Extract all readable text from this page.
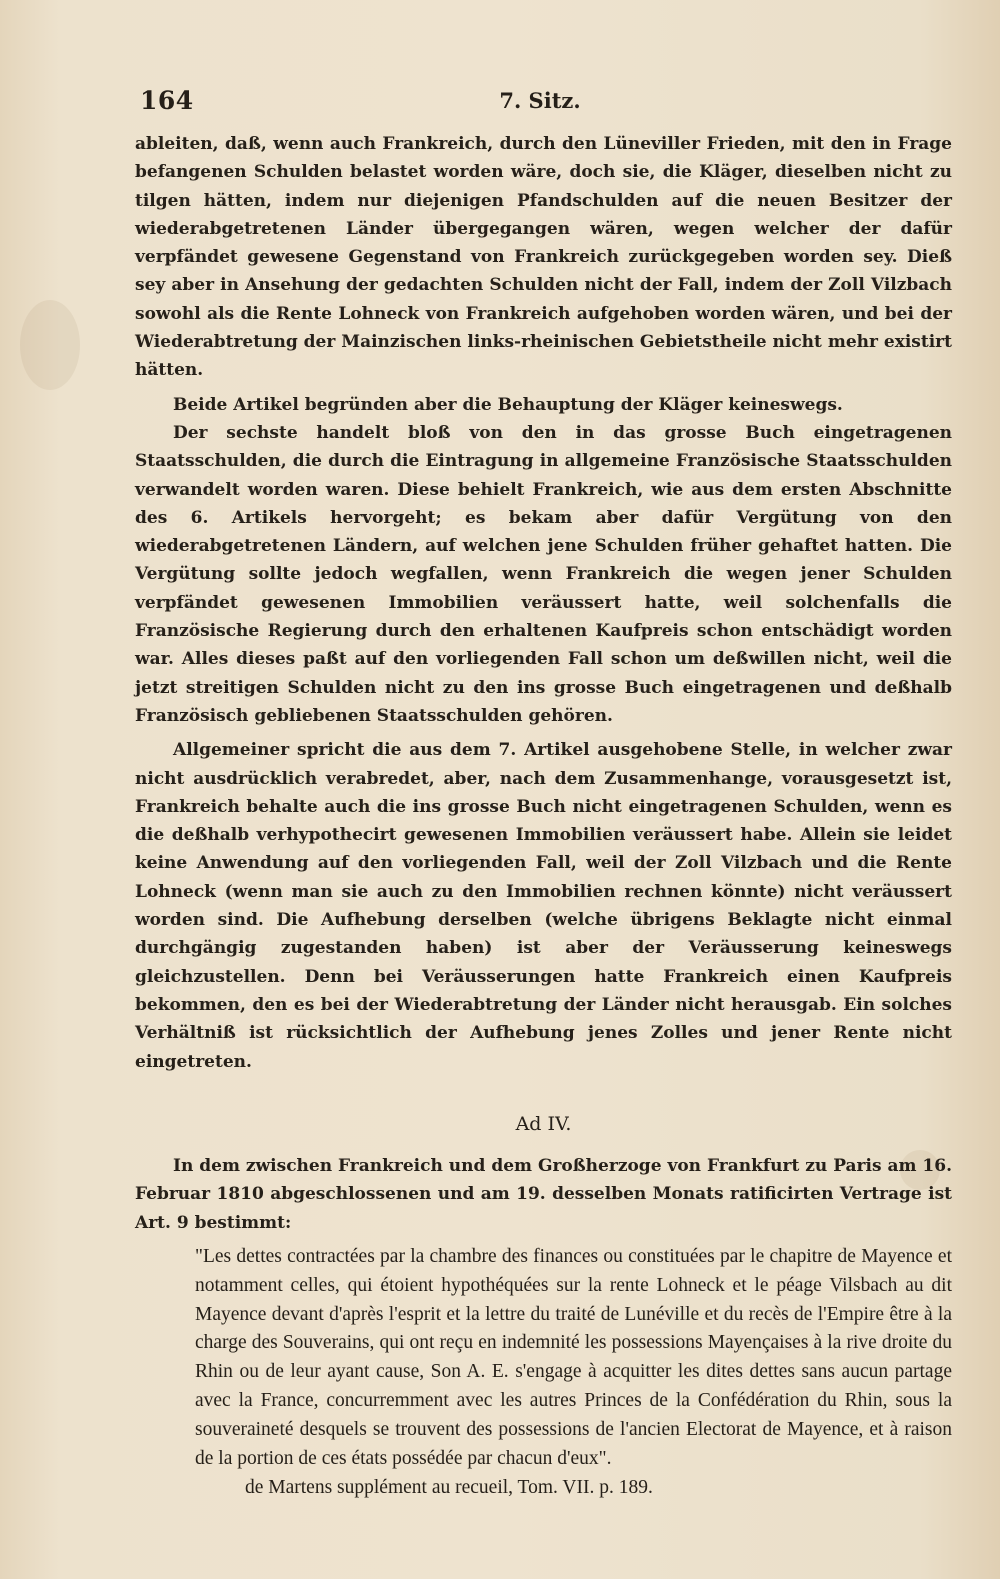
164	7. Sitz.

ableiten, daß, wenn auch Frankreich, durch den Lüneviller Frieden, mit den in Frage befangenen Schulden belastet worden wäre, doch sie, die Kläger, dieselben nicht zu tilgen hätten, indem nur diejenigen Pfandschulden auf die neuen Besitzer der wiederabgetretenen Länder übergegangen wären, wegen welcher der dafür verpfändet gewesene Gegenstand von Frankreich zurückgegeben worden sey. Dieß sey aber in Ansehung der gedachten Schulden nicht der Fall, indem der Zoll Vilzbach sowohl als die Rente Lohneck von Frankreich aufgehoben worden wären, und bei der Wiederabtretung der Mainzischen links-rheinischen Gebietstheile nicht mehr existirt hätten.

Beide Artikel begründen aber die Behauptung der Kläger keineswegs.

Der sechste handelt bloß von den in das grosse Buch eingetragenen Staatsschulden, die durch die Eintragung in allgemeine Französische Staatsschulden verwandelt worden waren. Diese behielt Frankreich, wie aus dem ersten Abschnitte des 6. Artikels hervorgeht; es bekam aber dafür Vergütung von den wiederabgetretenen Ländern, auf welchen jene Schulden früher gehaftet hatten. Die Vergütung sollte jedoch wegfallen, wenn Frankreich die wegen jener Schulden verpfändet gewesenen Immobilien veräussert hatte, weil solchenfalls die Französische Regierung durch den erhaltenen Kaufpreis schon entschädigt worden war. Alles dieses paßt auf den vorliegenden Fall schon um deßwillen nicht, weil die jetzt streitigen Schulden nicht zu den ins grosse Buch eingetragenen und deßhalb Französisch gebliebenen Staatsschulden gehören.

Allgemeiner spricht die aus dem 7. Artikel ausgehobene Stelle, in welcher zwar nicht ausdrücklich verabredet, aber, nach dem Zusammenhange, vorausgesetzt ist, Frankreich behalte auch die ins grosse Buch nicht eingetragenen Schulden, wenn es die deßhalb verhypothecirt gewesenen Immobilien veräussert habe. Allein sie leidet keine Anwendung auf den vorliegenden Fall, weil der Zoll Vilzbach und die Rente Lohneck (wenn man sie auch zu den Immobilien rechnen könnte) nicht veräussert worden sind. Die Aufhebung derselben (welche übrigens Beklagte nicht einmal durchgängig zugestanden haben) ist aber der Veräusserung keineswegs gleichzustellen. Denn bei Veräusserungen hatte Frankreich einen Kaufpreis bekommen, den es bei der Wiederabtretung der Länder nicht herausgab. Ein solches Verhältniß ist rücksichtlich der Aufhebung jenes Zolles und jener Rente nicht eingetreten.

Ad IV.

In dem zwischen Frankreich und dem Großherzoge von Frankfurt zu Paris am 16. Februar 1810 abgeschlossenen und am 19. desselben Monats ratificirten Vertrage ist Art. 9 bestimmt:

"Les dettes contractées par la chambre des finances ou constituées par le chapitre de Mayence et notamment celles, qui étoient hypothéquées sur la rente Lohneck et le péage Vilsbach au dit Mayence devant d'après l'esprit et la lettre du traité de Lunéville et du recès de l'Empire être à la charge des Souverains, qui ont reçu en indemnité les possessions Mayençaises à la rive droite du Rhin ou de leur ayant cause, Son A. E. s'engage à acquitter les dites dettes sans aucun partage avec la France, concurremment avec les autres Princes de la Confédération du Rhin, sous la souveraineté desquels se trouvent des possessions de l'ancien Electorat de Mayence, et à raison de la portion de ces états possédée par chacun d'eux".

de Martens supplément au recueil, Tom. VII. p. 189.
